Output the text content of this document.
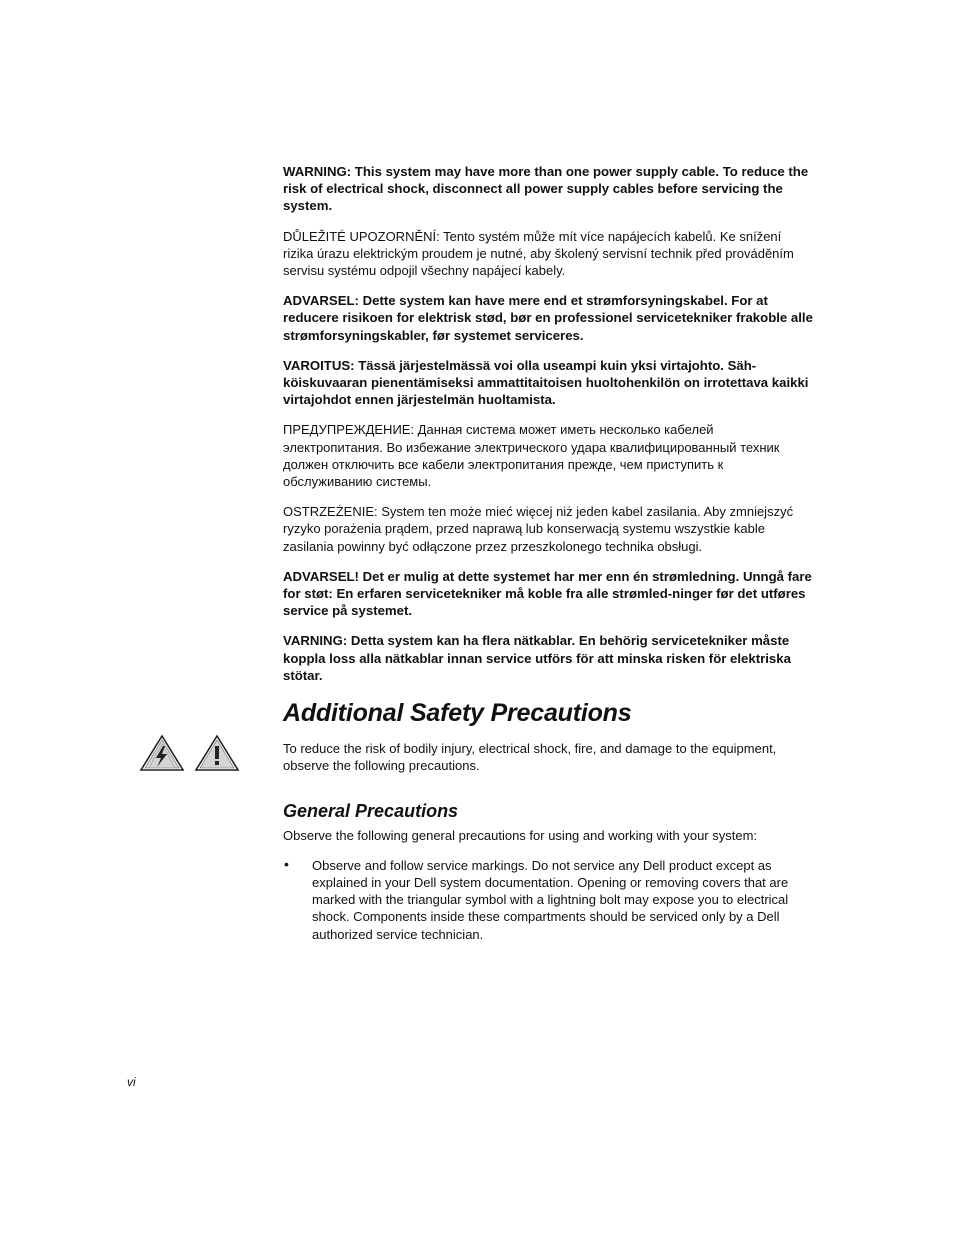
WARNING: This system may have more than one power supply cable. To reduce the risk of electrical shock, disconnect all power supply cables before servicing the system.

DŮLEŽITÉ UPOZORNĚNÍ: Tento systém může mít více napájecích kabelů. Ke snížení rizika úrazu elektrickým proudem je nutné, aby školený servisní technik před prováděním servisu systému odpojil všechny napájecí kabely.

ADVARSEL: Dette system kan have mere end et strømforsyningskabel. For at reducere risikoen for elektrisk stød, bør en professionel servicetekniker frakoble alle strømforsyningskabler, før systemet serviceres.

VAROITUS: Tässä järjestelmässä voi olla useampi kuin yksi virtajohto. Säh-köiskuvaaran pienentämiseksi ammattitaitoisen huoltohenkilön on irrotettava kaikki virtajohdot ennen järjestelmän huoltamista.

ПРЕДУПРЕЖДЕНИЕ: Данная система может иметь несколько кабелей электропитания. Во избежание электрического удара квалифицированный техник должен отключить все кабели электропитания прежде, чем приступить к обслуживанию системы.

OSTRZEŻENIE: System ten może mieć więcej niż jeden kabel zasilania. Aby zmniejszyć ryzyko porażenia prądem, przed naprawą lub konserwacją systemu wszystkie kable zasilania powinny być odłączone przez przeszkolonego technika obsługi.

ADVARSEL! Det er mulig at dette systemet har mer enn én strømledning. Unngå fare for støt: En erfaren servicetekniker må koble fra alle strømled-ninger før det utføres service på systemet.

VARNING: Detta system kan ha flera nätkablar. En behörig servicetekniker måste koppla loss alla nätkablar innan service utförs för att minska risken för elektriska stötar.

Additional Safety Precautions

To reduce the risk of bodily injury, electrical shock, fire, and damage to the equipment, observe the following precautions.

General Precautions

Observe the following general precautions for using and working with your system:

• Observe and follow service markings. Do not service any Dell product except as explained in your Dell system documentation. Opening or removing covers that are marked with the triangular symbol with a lightning bolt may expose you to electrical shock. Components inside these compartments should be serviced only by a Dell authorized service technician.
vi
